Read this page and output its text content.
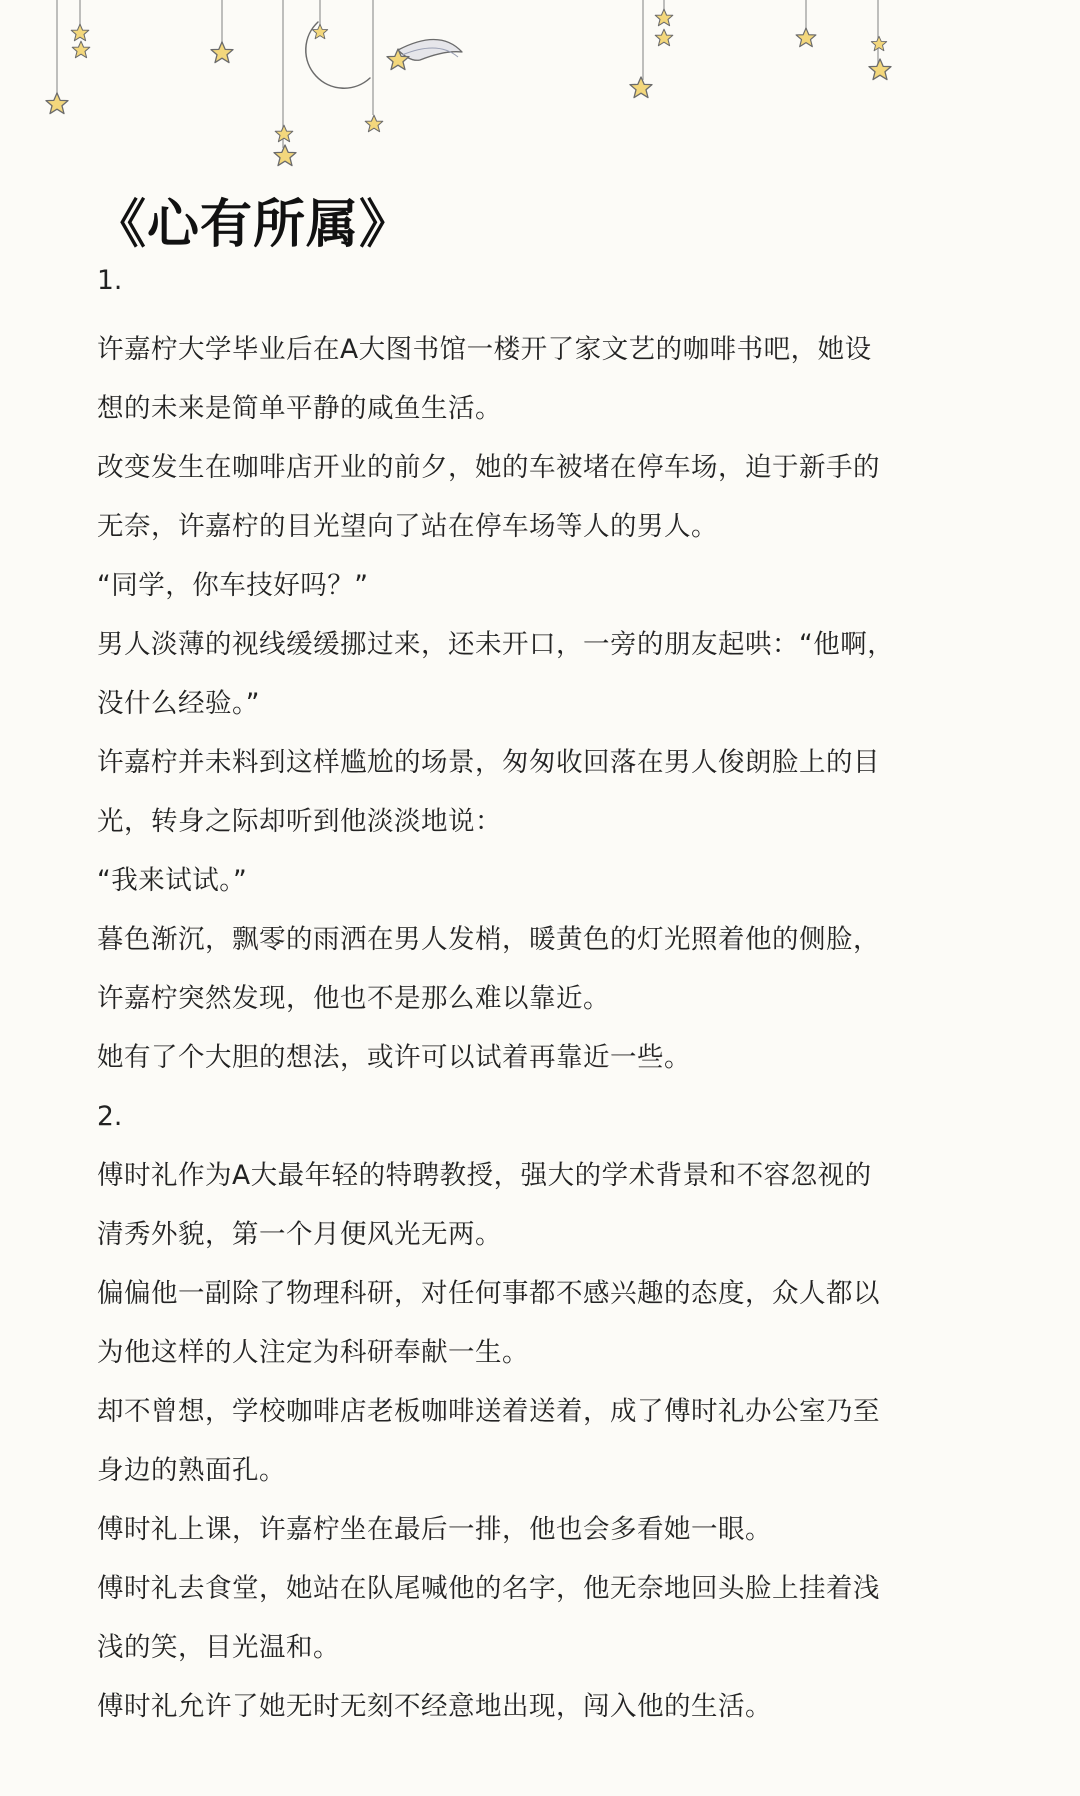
《心有所属》

1.

许嘉柠大学毕业后在A大图书馆一楼开了家文艺的咖啡书吧，她设

想的未来是简单平静的咸鱼生活。

改变发生在咖啡店开业的前夕，她的车被堵在停车场，迫于新手的

无奈，许嘉柠的目光望向了站在停车场等人的男人。

“同学，你车技好吗？”

男人淡薄的视线缓缓挪过来，还未开口，一旁的朋友起哄：“他啊，

没什么经验。”

许嘉柠并未料到这样尴尬的场景，匆匆收回落在男人俊朗脸上的目

光，转身之际却听到他淡淡地说：

“我来试试。”

暮色渐沉，飘零的雨洒在男人发梢，暖黄色的灯光照着他的侧脸，

许嘉柠突然发现，他也不是那么难以靠近。

她有了个大胆的想法，或许可以试着再靠近一些。

2.

傅时礼作为A大最年轻的特聘教授，强大的学术背景和不容忽视的

清秀外貌，第一个月便风光无两。

偏偏他一副除了物理科研，对任何事都不感兴趣的态度，众人都以

为他这样的人注定为科研奉献一生。

却不曾想，学校咖啡店老板咖啡送着送着，成了傅时礼办公室乃至

身边的熟面孔。

傅时礼上课，许嘉柠坐在最后一排，他也会多看她一眼。

傅时礼去食堂，她站在队尾喊他的名字，他无奈地回头脸上挂着浅

浅的笑，目光温和。

傅时礼允许了她无时无刻不经意地出现，闯入他的生活。
